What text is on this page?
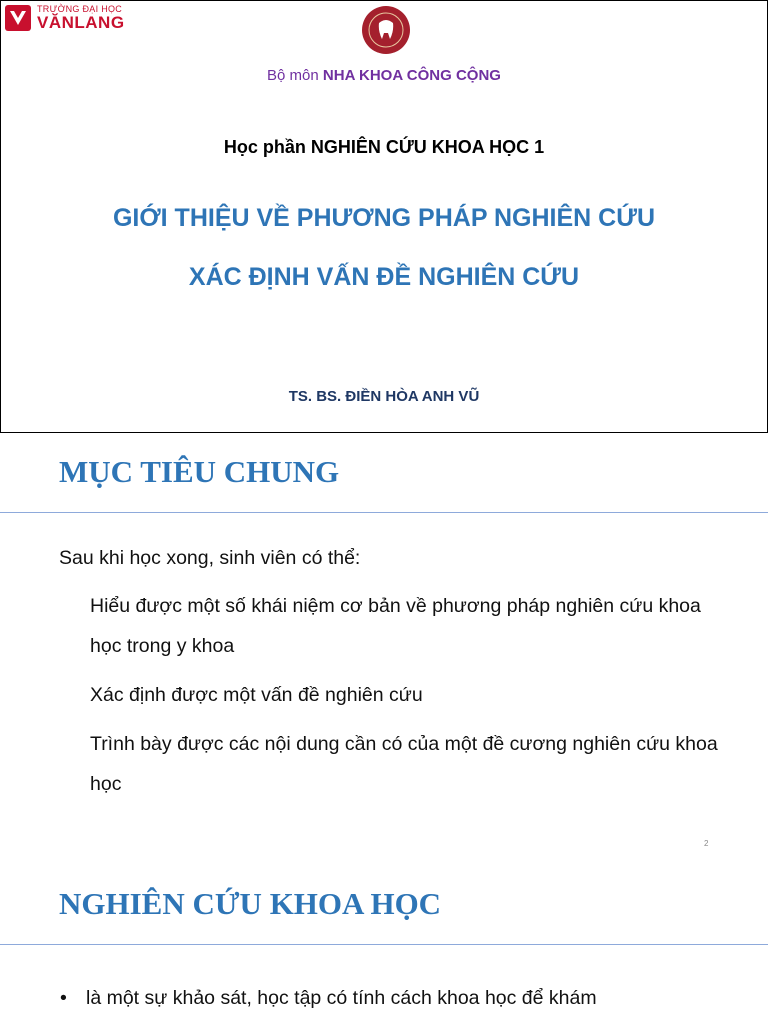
TRƯỜNG ĐẠI HỌC
VĂNLANG
Bộ môn NHA KHOA CÔNG CỘNG
Học phần NGHIÊN CỨU KHOA HỌC 1
GIỚI THIỆU VỀ PHƯƠNG PHÁP NGHIÊN CỨU
XÁC ĐỊNH VẤN ĐỀ NGHIÊN CỨU
TS. BS. ĐIỀN HÒA ANH VŨ
MỤC TIÊU CHUNG

Sau khi học xong, sinh viên có thể:

Hiểu được một số khái niệm cơ bản về phương pháp nghiên cứu khoa học trong y khoa

Xác định được một vấn đề nghiên cứu

Trình bày được các nội dung cần có của một đề cương nghiên cứu khoa học

2
NGHIÊN CỨU KHOA HỌC
• là một sự khảo sát, học tập có tính cách khoa học để khám
